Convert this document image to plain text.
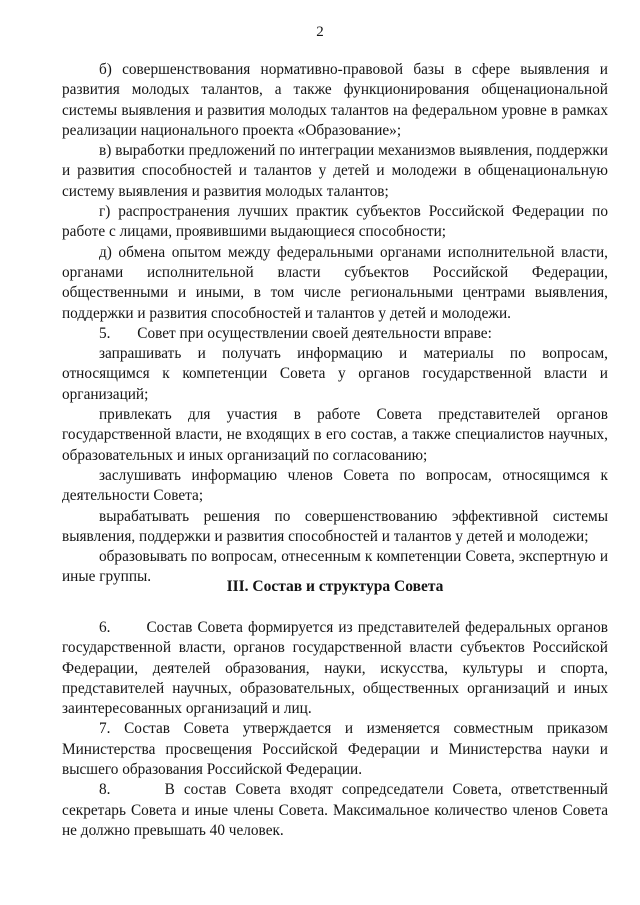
2

б) совершенствования нормативно-правовой базы в сфере выявления и развития молодых талантов, а также функционирования общенациональной системы выявления и развития молодых талантов на федеральном уровне в рамках реализации национального проекта «Образование»;

в) выработки предложений по интеграции механизмов выявления, поддержки и развития способностей и талантов у детей и молодежи в общенациональную систему выявления и развития молодых талантов;

г) распространения лучших практик субъектов Российской Федерации по работе с лицами, проявившими выдающиеся способности;

д) обмена опытом между федеральными органами исполнительной власти, органами исполнительной власти субъектов Российской Федерации, общественными и иными, в том числе региональными центрами выявления, поддержки и развития способностей и талантов у детей и молодежи.

5.       Совет при осуществлении своей деятельности вправе:

запрашивать и получать информацию и материалы по вопросам, относящимся к компетенции Совета у органов государственной власти и организаций;

привлекать для участия в работе Совета представителей органов государственной власти, не входящих в его состав, а также специалистов научных, образовательных и иных организаций по согласованию;

заслушивать информацию членов Совета по вопросам, относящимся к деятельности Совета;

вырабатывать решения по совершенствованию эффективной системы выявления, поддержки и развития способностей и талантов у детей и молодежи;

образовывать по вопросам, отнесенным к компетенции Совета, экспертную и иные группы.

III. Состав и структура Совета

6.       Состав Совета формируется из представителей федеральных органов государственной власти, органов государственной власти субъектов Российской Федерации, деятелей образования, науки, искусства, культуры и спорта, представителей научных, образовательных, общественных организаций и иных заинтересованных организаций и лиц.

7. Состав Совета утверждается и изменяется совместным приказом Министерства просвещения Российской Федерации и Министерства науки и высшего образования Российской Федерации.

8.      В состав Совета входят сопредседатели Совета, ответственный секретарь Совета и иные члены Совета. Максимальное количество членов Совета не должно превышать 40 человек.
